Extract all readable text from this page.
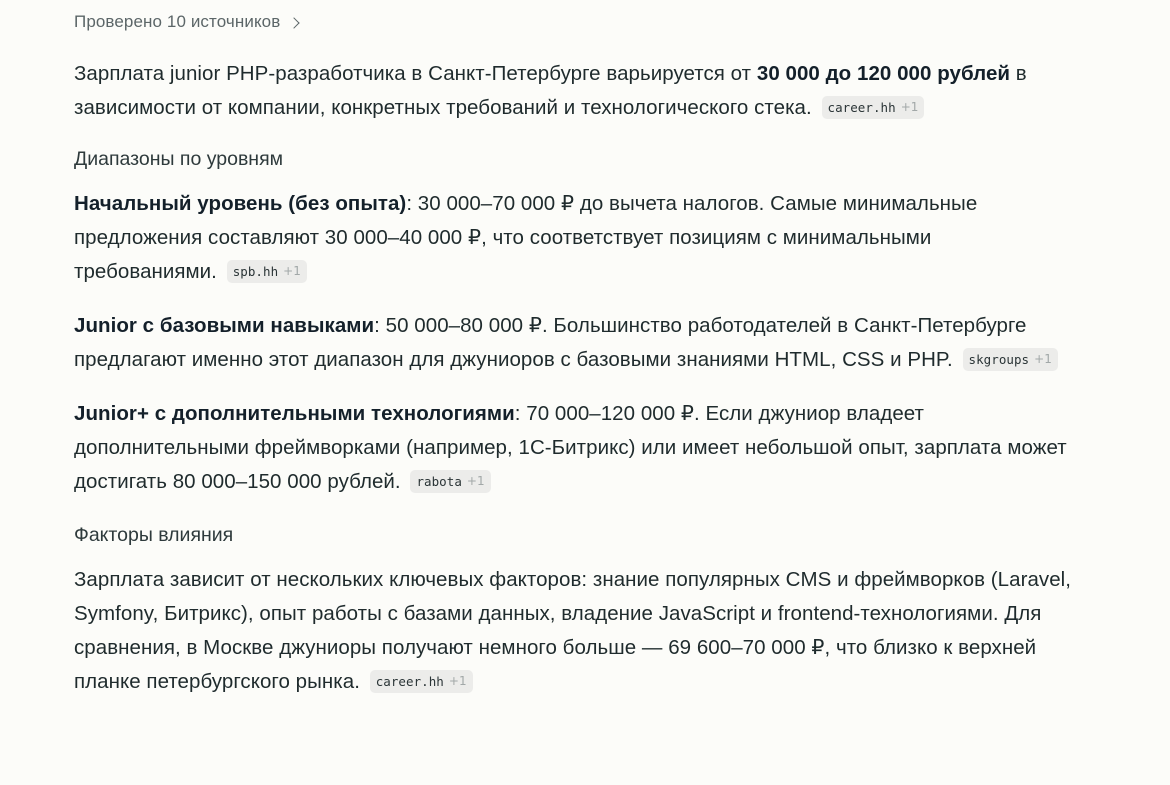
Проверено 10 источников

Зарплата junior PHP-разработчика в Санкт-Петербурге варьируется от 30 000 до 120 000 рублей в зависимости от компании, конкретных требований и технологического стека. career.hh +1

Диапазоны по уровням

Начальный уровень (без опыта): 30 000–70 000 ₽ до вычета налогов. Самые минимальные предложения составляют 30 000–40 000 ₽, что соответствует позициям с минимальными требованиями. spb.hh +1

Junior с базовыми навыками: 50 000–80 000 ₽. Большинство работодателей в Санкт-Петербурге предлагают именно этот диапазон для джуниоров с базовыми знаниями HTML, CSS и PHP. skgroups +1

Junior+ с дополнительными технологиями: 70 000–120 000 ₽. Если джуниор владеет дополнительными фреймворками (например, 1С-Битрикс) или имеет небольшой опыт, зарплата может достигать 80 000–150 000 рублей. rabota +1

Факторы влияния

Зарплата зависит от нескольких ключевых факторов: знание популярных CMS и фреймворков (Laravel, Symfony, Битрикс), опыт работы с базами данных, владение JavaScript и frontend-технологиями. Для сравнения, в Москве джуниоры получают немного больше — 69 600–70 000 ₽, что близко к верхней планке петербургского рынка. career.hh +1
